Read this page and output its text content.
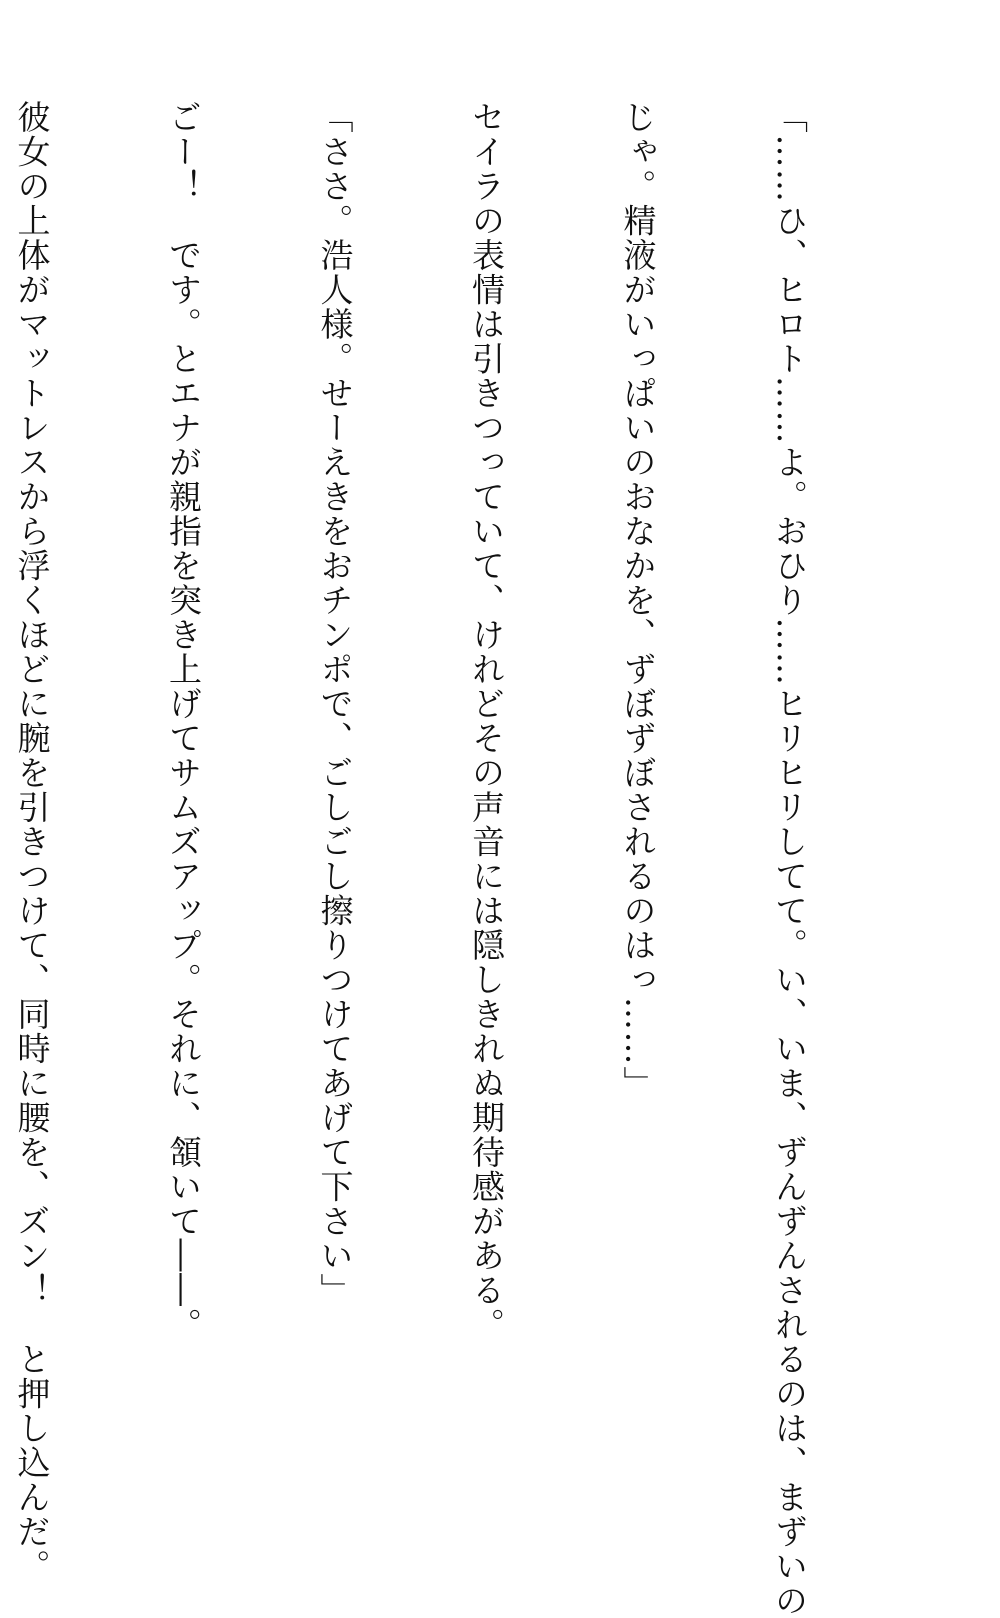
「……ひ、ヒロト……よ。おひり……ヒリヒリしてて。い、いま、ずんずんされるのは、まずいの

じゃ。精液がいっぱいのおなかを、ずぼずぼされるのはっ……」

セイラの表情は引きつっていて、けれどその声音には隠しきれぬ期待感がある。

「ささ。浩人様。せーえきをおチンポで、ごしごし擦りつけてあげて下さい」

ごー！　です。とエナが親指を突き上げてサムズアップ。それに、頷いて――。

彼女の上体がマットレスから浮くほどに腕を引きつけて、同時に腰を、ズン！　と押し込んだ。
